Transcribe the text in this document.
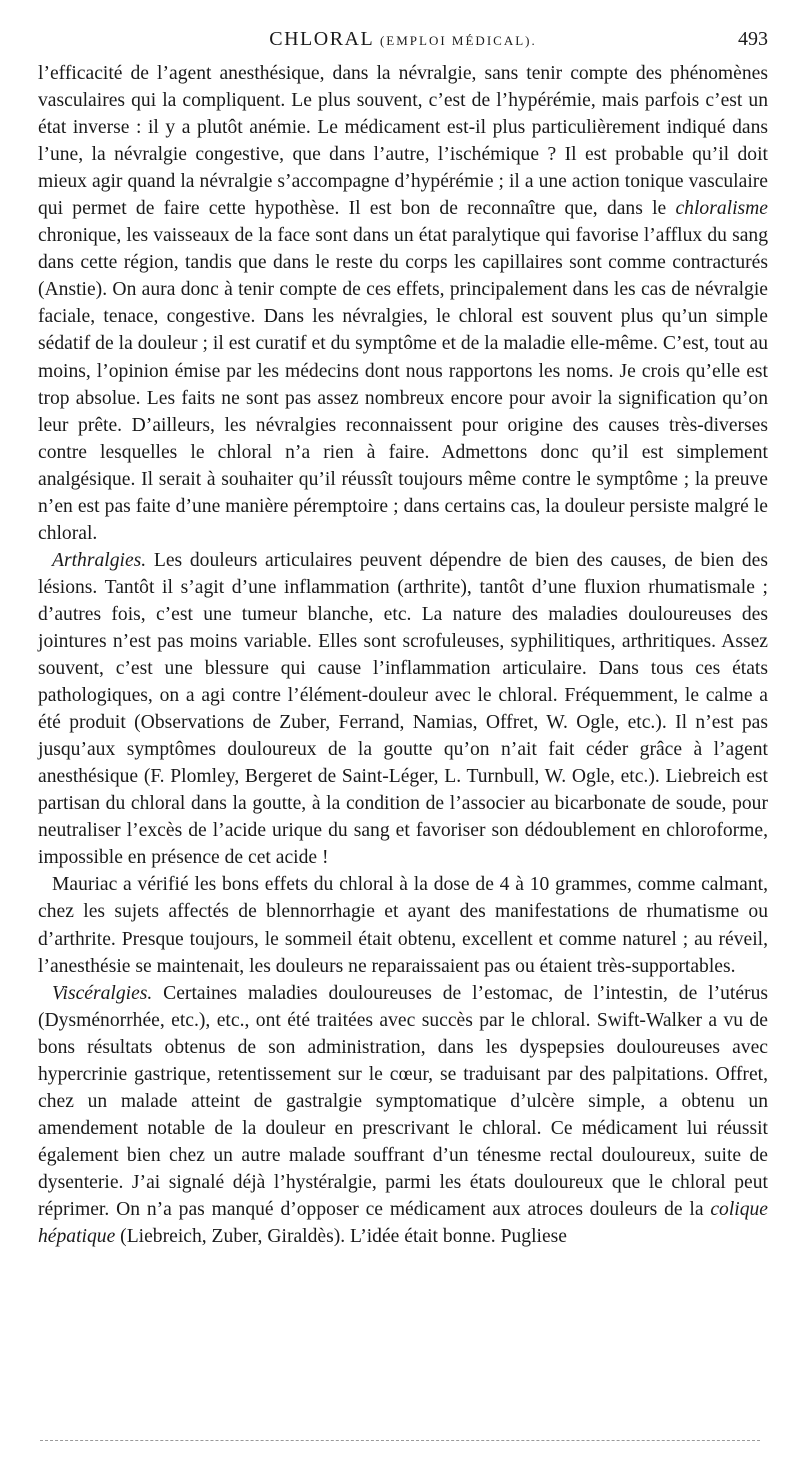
CHLORAL (EMPLOI MÉDICAL).	493

l’efficacité de l’agent anesthésique, dans la névralgie, sans tenir compte des phénomènes vasculaires qui la compliquent. Le plus souvent, c’est de l’hypérémie, mais parfois c’est un état inverse : il y a plutôt anémie. Le médicament est-il plus particulièrement indiqué dans l’une, la névralgie congestive, que dans l’autre, l’ischémique ? Il est probable qu’il doit mieux agir quand la névralgie s’accompagne d’hypérémie ; il a une action tonique vasculaire qui permet de faire cette hypothèse. Il est bon de reconnaître que, dans le chloralisme chronique, les vaisseaux de la face sont dans un état paralytique qui favorise l’afflux du sang dans cette région, tandis que dans le reste du corps les capillaires sont comme contracturés (Anstie). On aura donc à tenir compte de ces effets, principalement dans les cas de névralgie faciale, tenace, congestive. Dans les névralgies, le chloral est souvent plus qu’un simple sédatif de la douleur ; il est curatif et du symptôme et de la maladie elle-même. C’est, tout au moins, l’opinion émise par les médecins dont nous rapportons les noms. Je crois qu’elle est trop absolue. Les faits ne sont pas assez nombreux encore pour avoir la signification qu’on leur prête. D’ailleurs, les névralgies reconnaissent pour origine des causes très-diverses contre lesquelles le chloral n’a rien à faire. Admettons donc qu’il est simplement analgésique. Il serait à souhaiter qu’il réussît toujours même contre le symptôme ; la preuve n’en est pas faite d’une manière péremptoire ; dans certains cas, la douleur persiste malgré le chloral.

Arthralgies. Les douleurs articulaires peuvent dépendre de bien des causes, de bien des lésions. Tantôt il s’agit d’une inflammation (arthrite), tantôt d’une fluxion rhumatismale ; d’autres fois, c’est une tumeur blanche, etc. La nature des maladies douloureuses des jointures n’est pas moins variable. Elles sont scrofuleuses, syphilitiques, arthritiques. Assez souvent, c’est une blessure qui cause l’inflammation articulaire. Dans tous ces états pathologiques, on a agi contre l’élément-douleur avec le chloral. Fréquemment, le calme a été produit (Observations de Zuber, Ferrand, Namias, Offret, W. Ogle, etc.). Il n’est pas jusqu’aux symptômes douloureux de la goutte qu’on n’ait fait céder grâce à l’agent anesthésique (F. Plomley, Bergeret de Saint-Léger, L. Turnbull, W. Ogle, etc.). Liebreich est partisan du chloral dans la goutte, à la condition de l’associer au bicarbonate de soude, pour neutraliser l’excès de l’acide urique du sang et favoriser son dédoublement en chloroforme, impossible en présence de cet acide !

Mauriac a vérifié les bons effets du chloral à la dose de 4 à 10 grammes, comme calmant, chez les sujets affectés de blennorrhagie et ayant des manifestations de rhumatisme ou d’arthrite. Presque toujours, le sommeil était obtenu, excellent et comme naturel ; au réveil, l’anesthésie se maintenait, les douleurs ne reparaissaient pas ou étaient très-supportables.

Viscéralgies. Certaines maladies douloureuses de l’estomac, de l’intestin, de l’utérus (Dysménorrhée, etc.), etc., ont été traitées avec succès par le chloral. Swift-Walker a vu de bons résultats obtenus de son administration, dans les dyspepsies douloureuses avec hypercrinie gastrique, retentissement sur le cœur, se traduisant par des palpitations. Offret, chez un malade atteint de gastralgie symptomatique d’ulcère simple, a obtenu un amendement notable de la douleur en prescrivant le chloral. Ce médicament lui réussit également bien chez un autre malade souffrant d’un ténesme rectal douloureux, suite de dysenterie. J’ai signalé déjà l’hystéralgie, parmi les états douloureux que le chloral peut réprimer. On n’a pas manqué d’opposer ce médicament aux atroces douleurs de la colique hépatique (Liebreich, Zuber, Giraldès). L’idée était bonne. Pugliese
